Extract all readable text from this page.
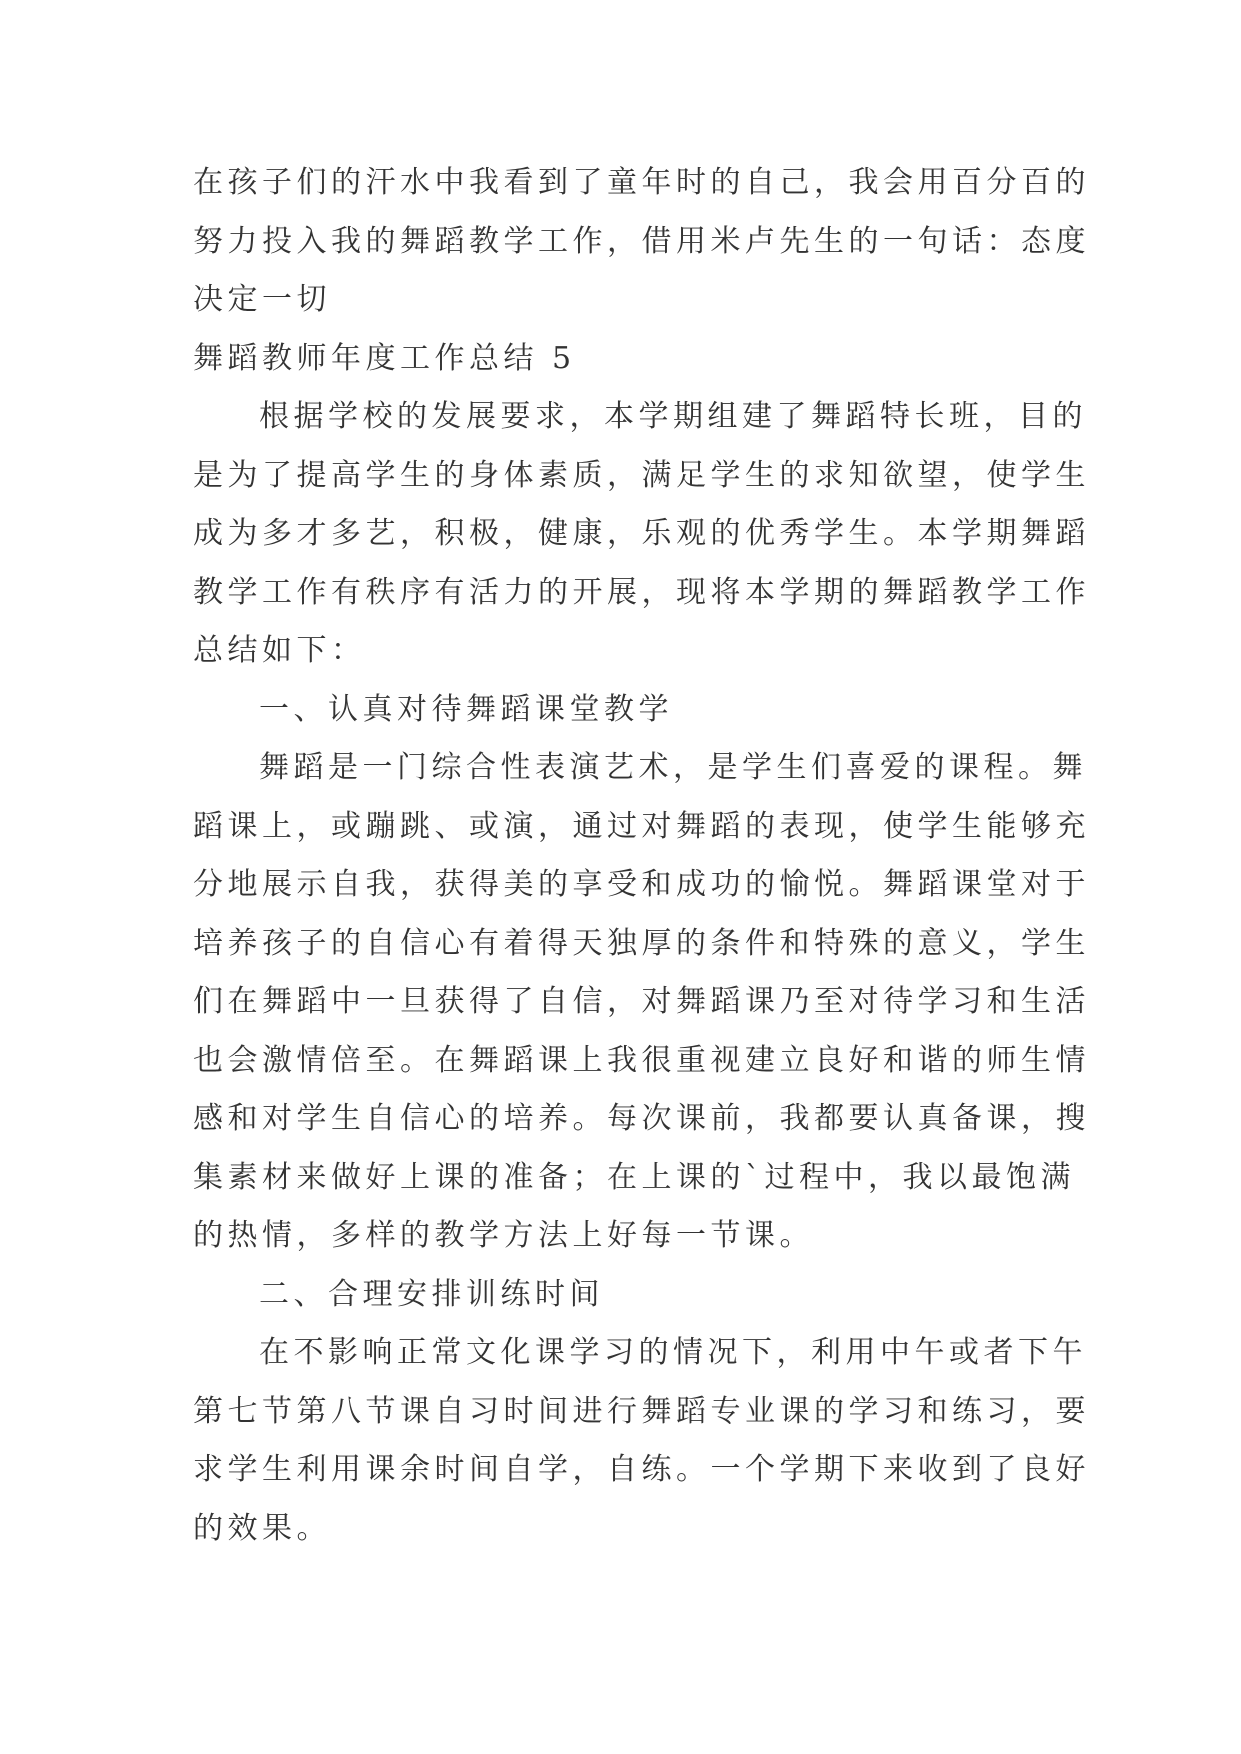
在孩子们的汗水中我看到了童年时的自己，我会用百分百的
努力投入我的舞蹈教学工作，借用米卢先生的一句话：态度
决定一切
舞蹈教师年度工作总结 5
根据学校的发展要求，本学期组建了舞蹈特长班，目的
是为了提高学生的身体素质，满足学生的求知欲望，使学生
成为多才多艺，积极，健康，乐观的优秀学生。本学期舞蹈
教学工作有秩序有活力的开展，现将本学期的舞蹈教学工作
总结如下：
一、认真对待舞蹈课堂教学
舞蹈是一门综合性表演艺术，是学生们喜爱的课程。舞
蹈课上，或蹦跳、或演，通过对舞蹈的表现，使学生能够充
分地展示自我，获得美的享受和成功的愉悦。舞蹈课堂对于
培养孩子的自信心有着得天独厚的条件和特殊的意义，学生
们在舞蹈中一旦获得了自信，对舞蹈课乃至对待学习和生活
也会激情倍至。在舞蹈课上我很重视建立良好和谐的师生情
感和对学生自信心的培养。每次课前，我都要认真备课，搜
集素材来做好上课的准备；在上课的`过程中，我以最饱满
的热情，多样的教学方法上好每一节课。
二、合理安排训练时间
在不影响正常文化课学习的情况下，利用中午或者下午
第七节第八节课自习时间进行舞蹈专业课的学习和练习，要
求学生利用课余时间自学，自练。一个学期下来收到了良好
的效果。
